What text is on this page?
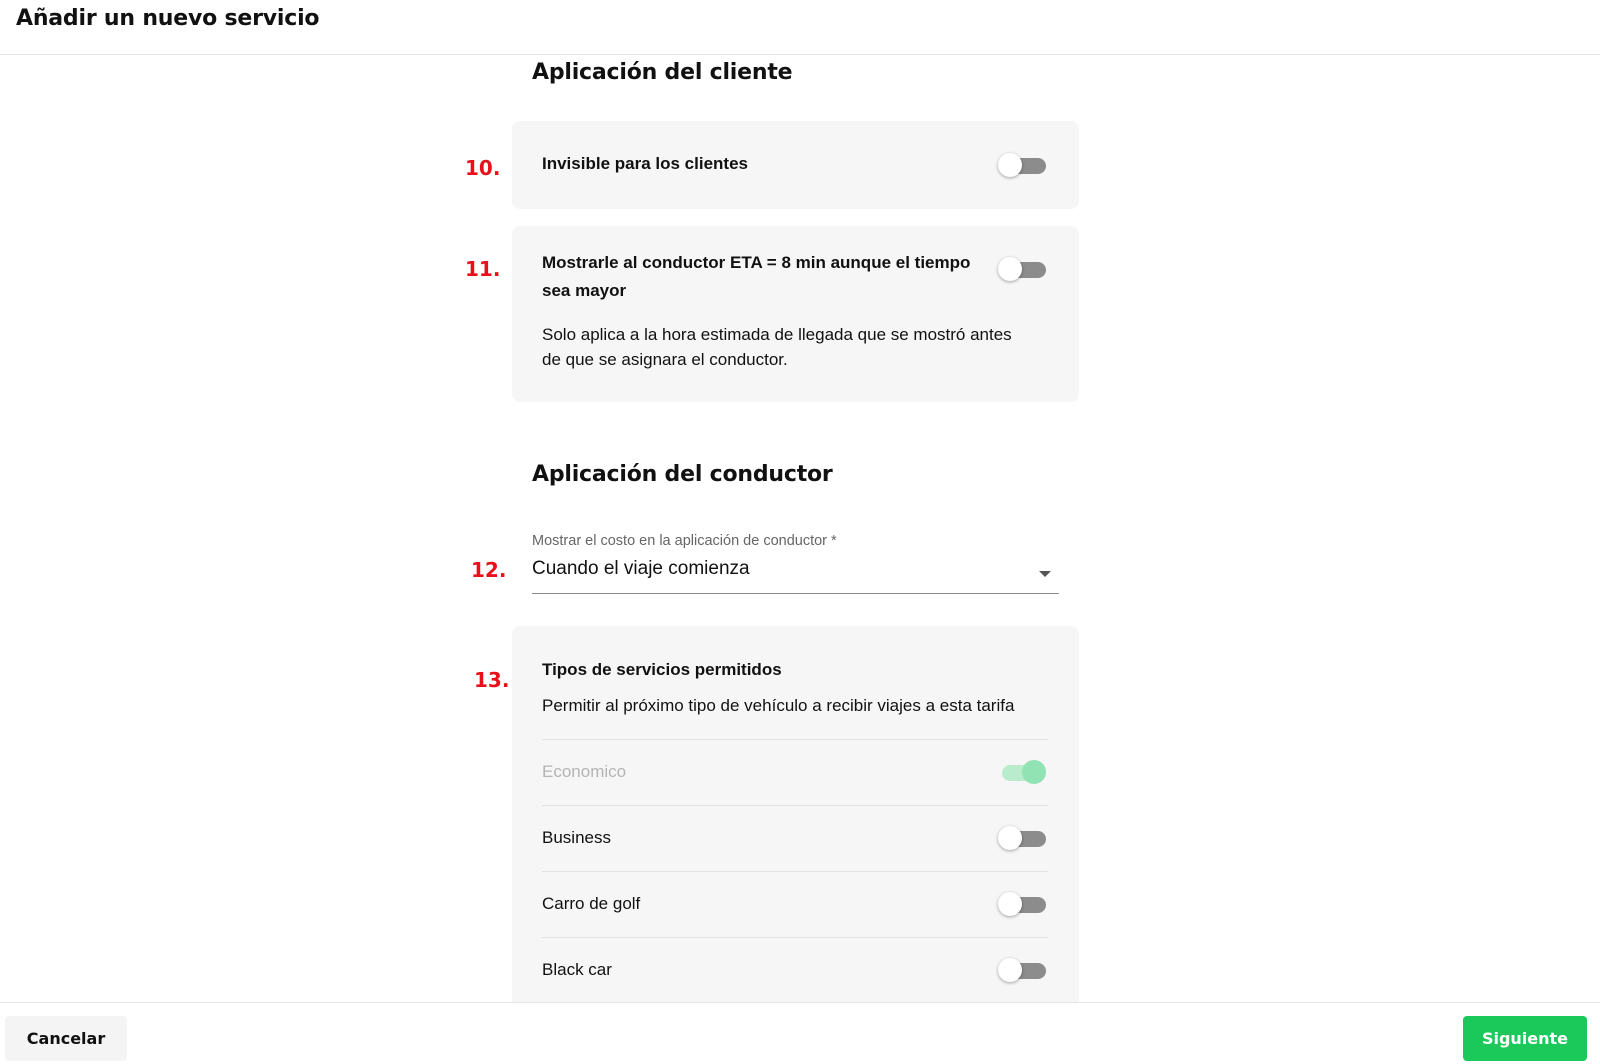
Añadir un nuevo servicio
Aplicación del cliente
10. Invisible para los clientes
11. Mostrarle al conductor ETA = 8 min aunque el tiempo
sea mayor
Solo aplica a la hora estimada de llegada que se mostró antes
de que se asignara el conductor.
Aplicación del conductor
12.
Mostrar el costo en la aplicación de conductor *
Cuando el viaje comienza
13. Tipos de servicios permitidos
Permitir al próximo tipo de vehículo a recibir viajes a esta tarifa
Economico
Business
Carro de golf
Black car
Cancelar	Siguiente
